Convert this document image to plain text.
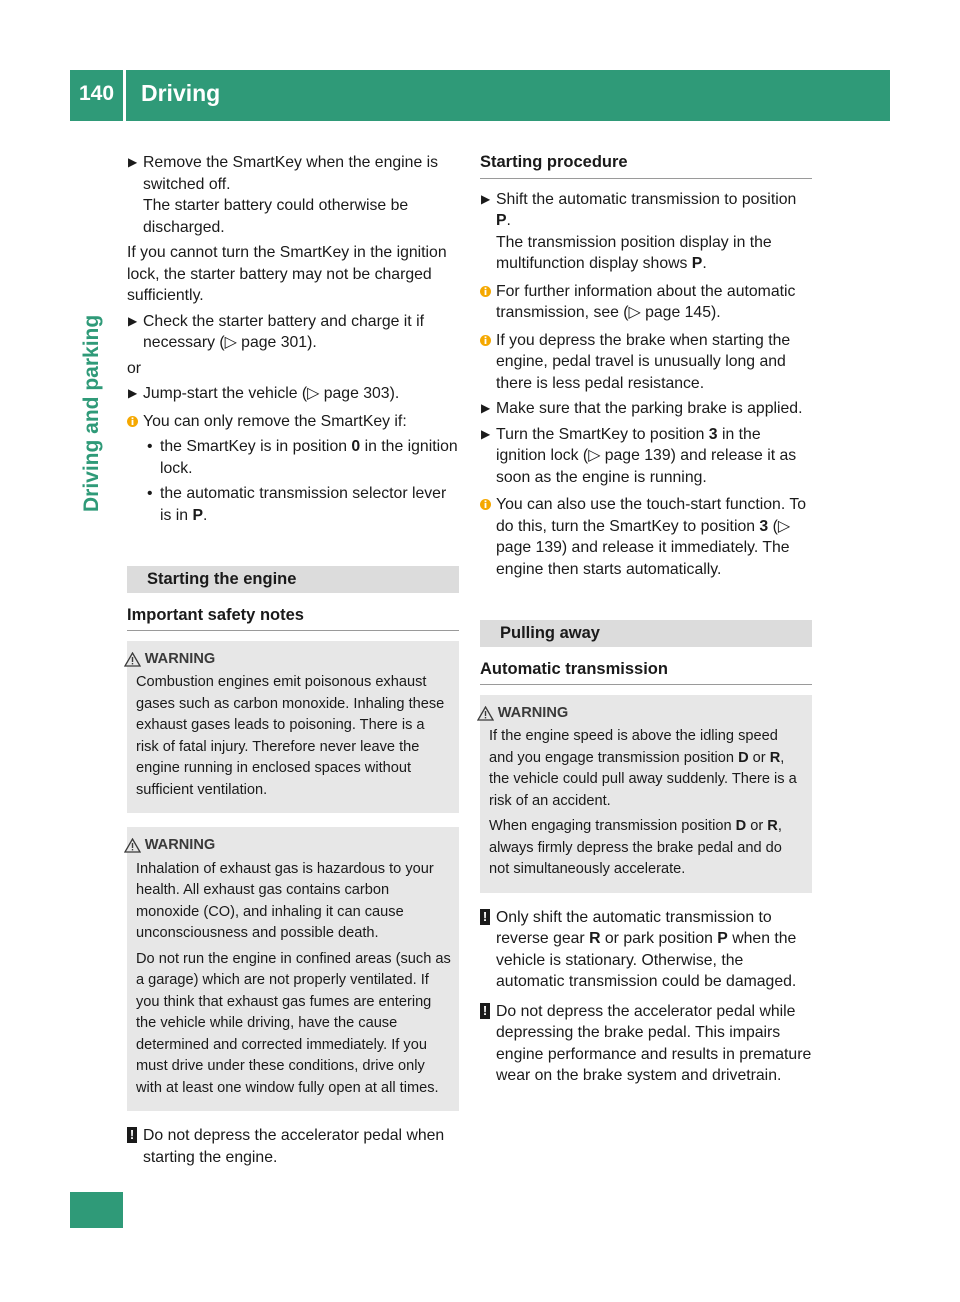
140	Driving
Driving and parking
▶ Remove the SmartKey when the engine is switched off.
The starter battery could otherwise be discharged.

If you cannot turn the SmartKey in the ignition lock, the starter battery may not be charged sufficiently.

▶ Check the starter battery and charge it if necessary (▷ page 301).

or

▶ Jump-start the vehicle (▷ page 303).
You can only remove the SmartKey if:
• the SmartKey is in position 0 in the ignition lock.
• the automatic transmission selector lever is in P.
Starting the engine
Important safety notes
WARNING

Combustion engines emit poisonous exhaust gases such as carbon monoxide. Inhaling these exhaust gases leads to poisoning. There is a risk of fatal injury. Therefore never leave the engine running in enclosed spaces without sufficient ventilation.

WARNING

Inhalation of exhaust gas is hazardous to your health. All exhaust gas contains carbon monoxide (CO), and inhaling it can cause unconsciousness and possible death.

Do not run the engine in confined areas (such as a garage) which are not properly ventilated. If you think that exhaust gas fumes are entering the vehicle while driving, have the cause determined and corrected immediately. If you must drive under these conditions, drive only with at least one window fully open at all times.

! Do not depress the accelerator pedal when starting the engine.
Starting procedure
▶ Shift the automatic transmission to position P.
The transmission position display in the multifunction display shows P.
For further information about the automatic transmission, see (▷ page 145).
If you depress the brake when starting the engine, pedal travel is unusually long and there is less pedal resistance.
▶ Make sure that the parking brake is applied.
▶ Turn the SmartKey to position 3 in the ignition lock (▷ page 139) and release it as soon as the engine is running.
You can also use the touch-start function. To do this, turn the SmartKey to position 3 (▷ page 139) and release it immediately. The engine then starts automatically.
Pulling away
Automatic transmission
WARNING

If the engine speed is above the idling speed and you engage transmission position D or R, the vehicle could pull away suddenly. There is a risk of an accident.

When engaging transmission position D or R, always firmly depress the brake pedal and do not simultaneously accelerate.

! Only shift the automatic transmission to reverse gear R or park position P when the vehicle is stationary. Otherwise, the automatic transmission could be damaged.
! Do not depress the accelerator pedal while depressing the brake pedal. This impairs engine performance and results in premature wear on the brake system and drivetrain.
